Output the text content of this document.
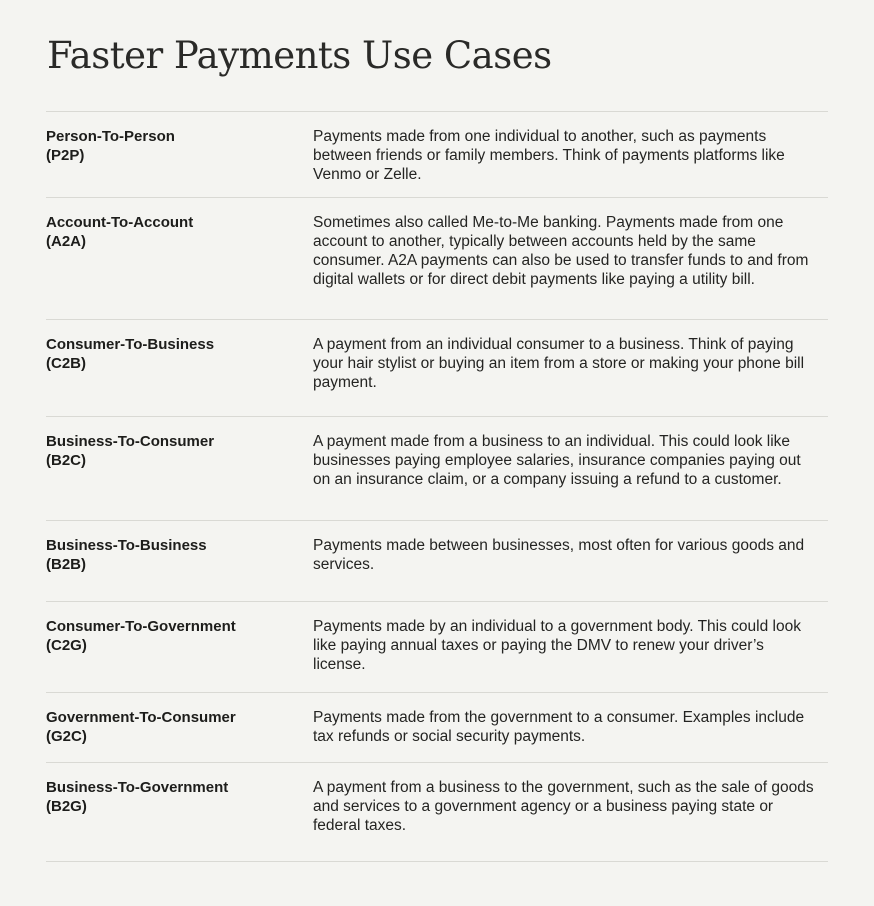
Faster Payments Use Cases
Person-To-Person
(P2P)
Payments made from one individual to another, such as payments between friends or family members. Think of payments platforms like Venmo or Zelle.
Account-To-Account
(A2A)
Sometimes also called Me-to-Me banking. Payments made from one account to another, typically between accounts held by the same consumer. A2A payments can also be used to transfer funds to and from digital wallets or for direct debit payments like paying a utility bill.
Consumer-To-Business
(C2B)
A payment from an individual consumer to a business. Think of paying your hair stylist or buying an item from a store or making your phone bill payment.
Business-To-Consumer
(B2C)
A payment made from a business to an individual. This could look like businesses paying employee salaries, insurance companies paying out on an insurance claim, or a company issuing a refund to a customer.
Business-To-Business
(B2B)
Payments made between businesses, most often for various goods and services.
Consumer-To-Government
(C2G)
Payments made by an individual to a government body. This could look like paying annual taxes or paying the DMV to renew your driver’s license.
Government-To-Consumer
(G2C)
Payments made from the government to a consumer. Examples include tax refunds or social security payments.
Business-To-Government
(B2G)
A payment from a business to the government, such as the sale of goods and services to a government agency or a business paying state or federal taxes.
